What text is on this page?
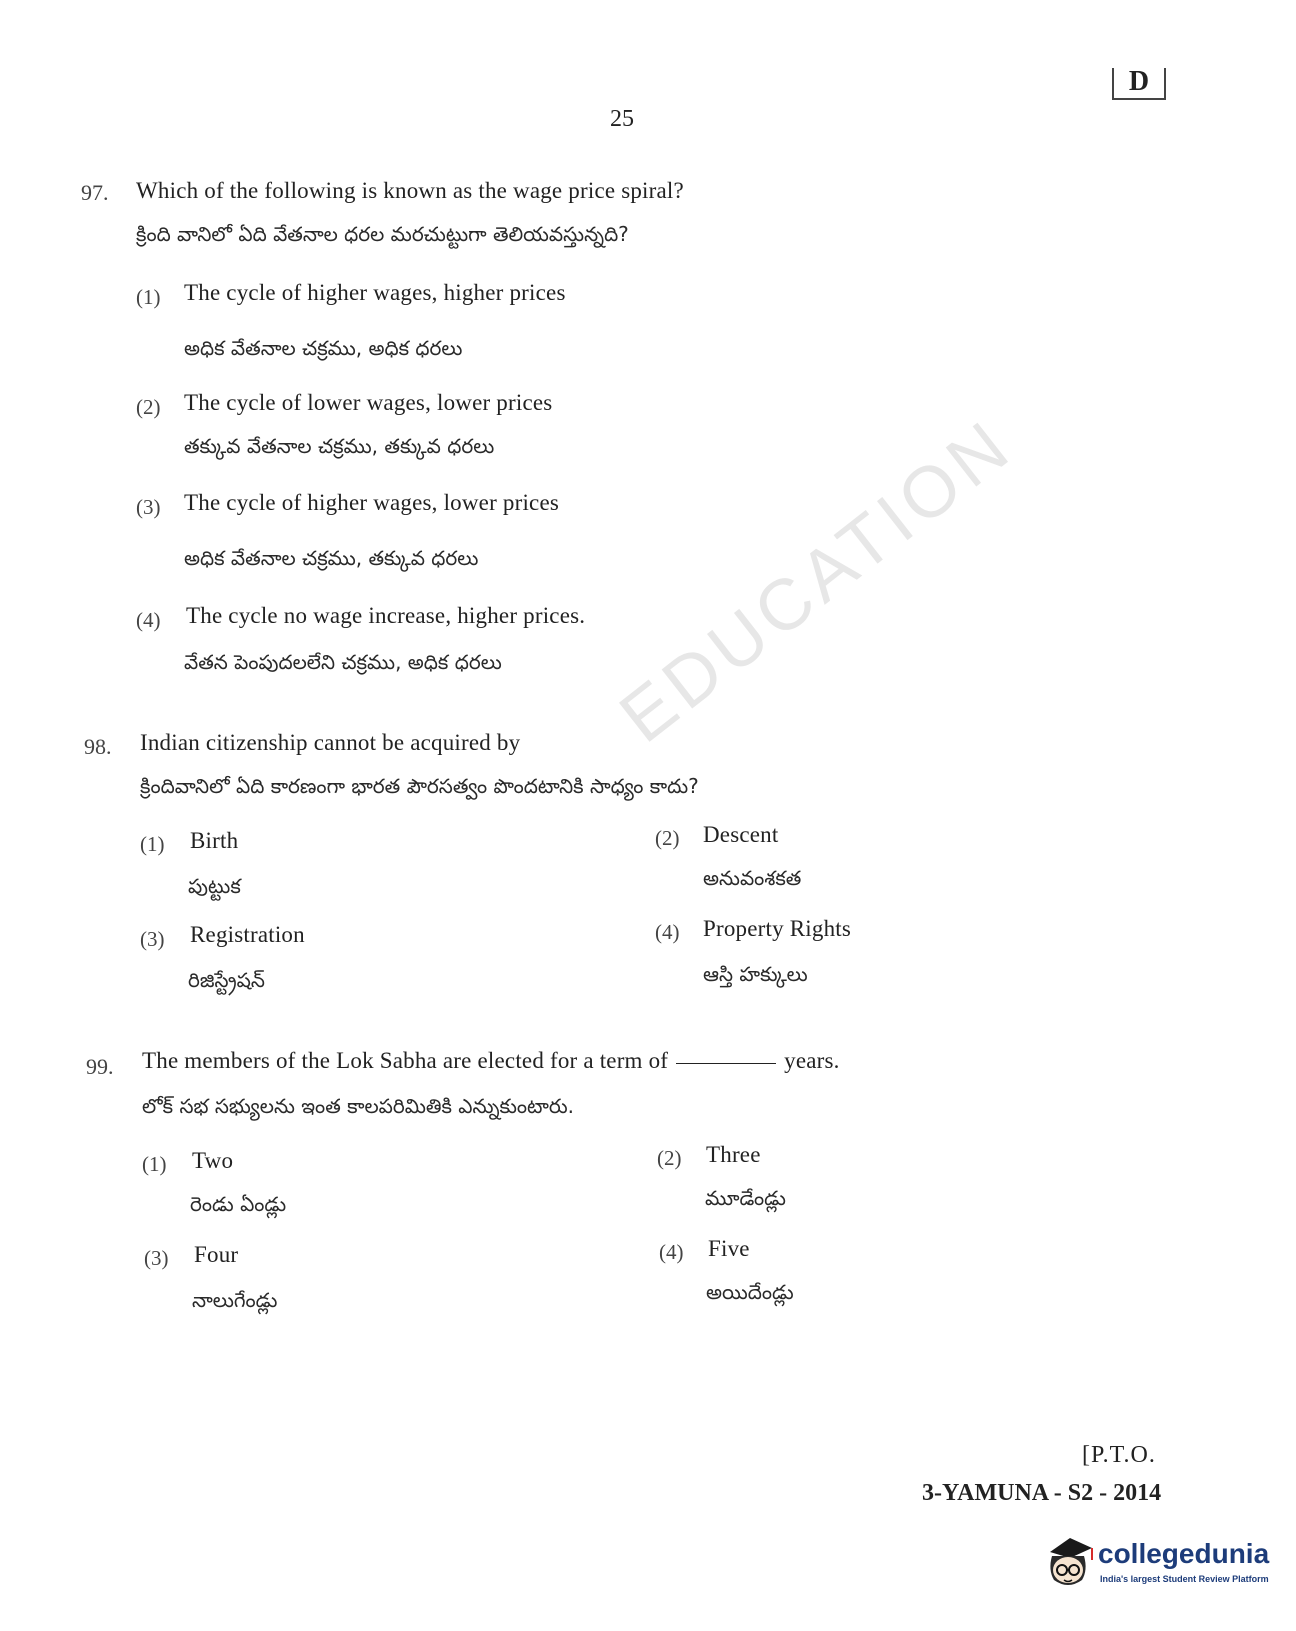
D
25
EDUCATION
97. Which of the following is known as the wage price spiral?
క్రింది వానిలో ఏది వేతనాల ధరల మరచుట్టుగా తెలియవస్తున్నది?
(1) The cycle of higher wages, higher prices
అధిక వేతనాల చక్రము, అధిక ధరలు
(2) The cycle of lower wages, lower prices
తక్కువ వేతనాల చక్రము, తక్కువ ధరలు
(3) The cycle of higher wages, lower prices
అధిక వేతనాల చక్రము, తక్కువ ధరలు
(4) The cycle no wage increase, higher prices.
వేతన పెంపుదలలేని చక్రము, అధిక ధరలు
98. Indian citizenship cannot be acquired by
క్రిందివానిలో ఏది కారణంగా భారత పౌరసత్వం పొందటానికి సాధ్యం కాదు?
(1) Birth
పుట్టుక
(2) Descent
అనువంశకత
(3) Registration
రిజిస్ట్రేషన్
(4) Property Rights
ఆస్తి హక్కులు
99. The members of the Lok Sabha are elected for a term of	years.
లోక్ సభ సభ్యులను ఇంత కాలపరిమితికి ఎన్నుకుంటారు.
(1) Two
రెండు ఏండ్లు
(2) Three
మూడేండ్లు
(3) Four
నాలుగేండ్లు
(4) Five
అయిదేండ్లు
[P.T.O.
3-YAMUNA - S2 - 2014
collegedunia
India's largest Student Review Platform
